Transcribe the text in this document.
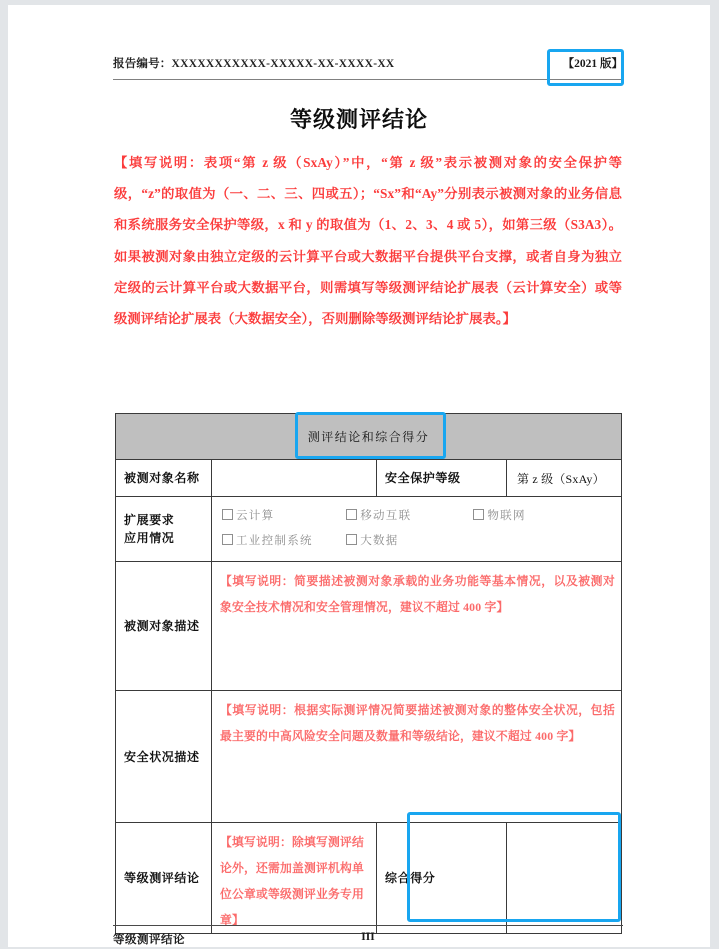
报告编号：XXXXXXXXXXX-XXXXX-XX-XXXX-XX	【2021 版】
等级测评结论
【填写说明：表项“第 z 级（SxAy）”中，“第 z 级”表示被测对象的安全保护等级，“z”的取值为（一、二、三、四或五）；“Sx”和“Ay”分别表示被测对象的业务信息和系统服务安全保护等级，x 和 y 的取值为（1、2、3、4 或 5），如第三级（S3A3）。如果被测对象由独立定级的云计算平台或大数据平台提供平台支撑，或者自身为独立定级的云计算平台或大数据平台，则需填写等级测评结论扩展表（云计算安全）或等级测评结论扩展表（大数据安全），否则删除等级测评结论扩展表。】
测评结论和综合得分			
被测对象名称		安全保护等级	第 z 级（SxAy）

扩展要求
应用情况

云计算	移动互联	物联网
工业控制系统	大数据

被测对象描述	【填写说明：简要描述被测对象承载的业务功能等基本情况，以及被测对象安全技术情况和安全管理情况，建议不超过 400 字】		

安全状况描述	【填写说明：根据实际测评情况简要描述被测对象的整体安全状况，包括最主要的中高风险安全问题及数量和等级结论，建议不超过 400 字】		

等级测评结论	【填写说明：除填写测评结论外，还需加盖测评机构单位公章或等级测评业务专用章】	综合得分	
等级测评结论	III
